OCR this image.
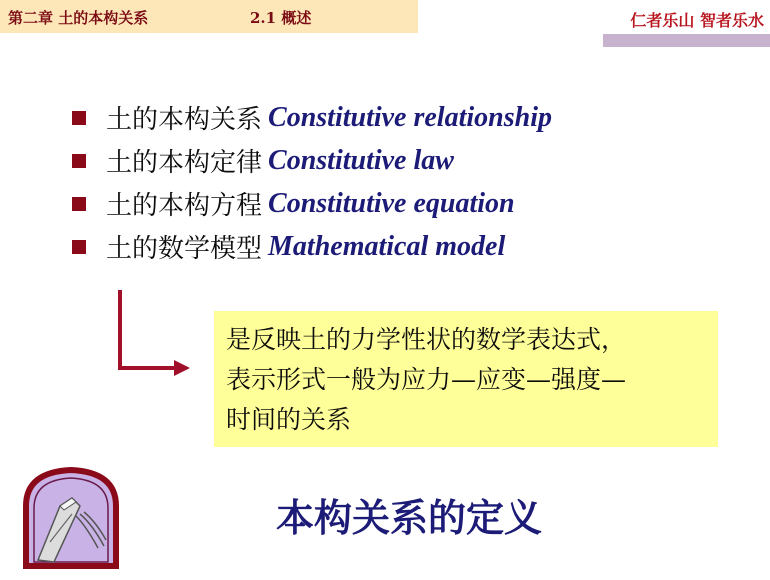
第二章 土的本构关系	2.1 概述	仁者乐山 智者乐水
土的本构关系 Constitutive relationship
土的本构定律 Constitutive law
土的本构方程 Constitutive equation
土的数学模型 Mathematical model

是反映土的力学性状的数学表达式，
表示形式一般为应力—应变—强度—
时间的关系

本构关系的定义
